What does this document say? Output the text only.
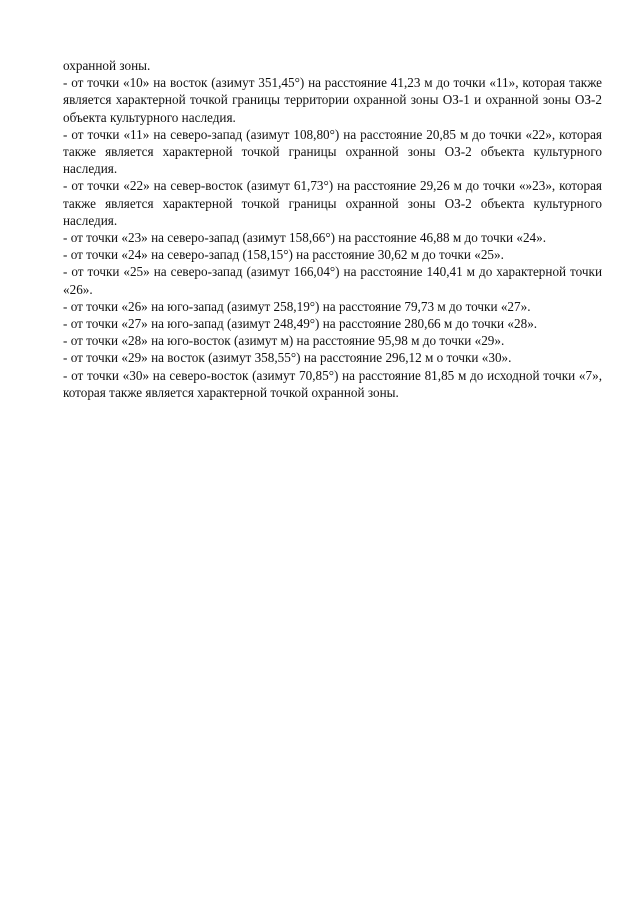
охранной зоны.

- от точки «10» на восток (азимут 351,45°) на расстояние 41,23 м до точки «11», которая также является характерной точкой границы территории охранной зоны ОЗ-1 и охранной зоны ОЗ-2 объекта культурного наследия.

- от точки «11» на северо-запад (азимут 108,80°) на расстояние 20,85 м до точки «22», которая также является характерной точкой границы охранной зоны ОЗ-2 объекта культурного наследия.

- от точки «22» на север-восток (азимут 61,73°) на расстояние 29,26 м до точки «»23», которая также является характерной точкой границы охранной зоны ОЗ-2 объекта культурного наследия.

- от точки «23» на северо-запад (азимут 158,66°) на расстояние 46,88 м до точки «24».

- от точки «24» на северо-запад (158,15°) на расстояние 30,62 м до точки «25».

- от точки «25» на северо-запад (азимут 166,04°) на расстояние 140,41 м до характерной точки «26».

- от точки «26» на юго-запад (азимут 258,19°) на расстояние 79,73 м до точки «27».

- от точки «27» на юго-запад (азимут 248,49°) на расстояние 280,66 м до точки «28».

- от точки «28» на юго-восток (азимут м) на расстояние 95,98 м до точки «29».

- от точки «29» на восток (азимут 358,55°) на расстояние 296,12 м о точки «30».

- от точки «30» на северо-восток (азимут 70,85°) на расстояние 81,85 м до исходной точки «7», которая также является характерной точкой охранной зоны.
